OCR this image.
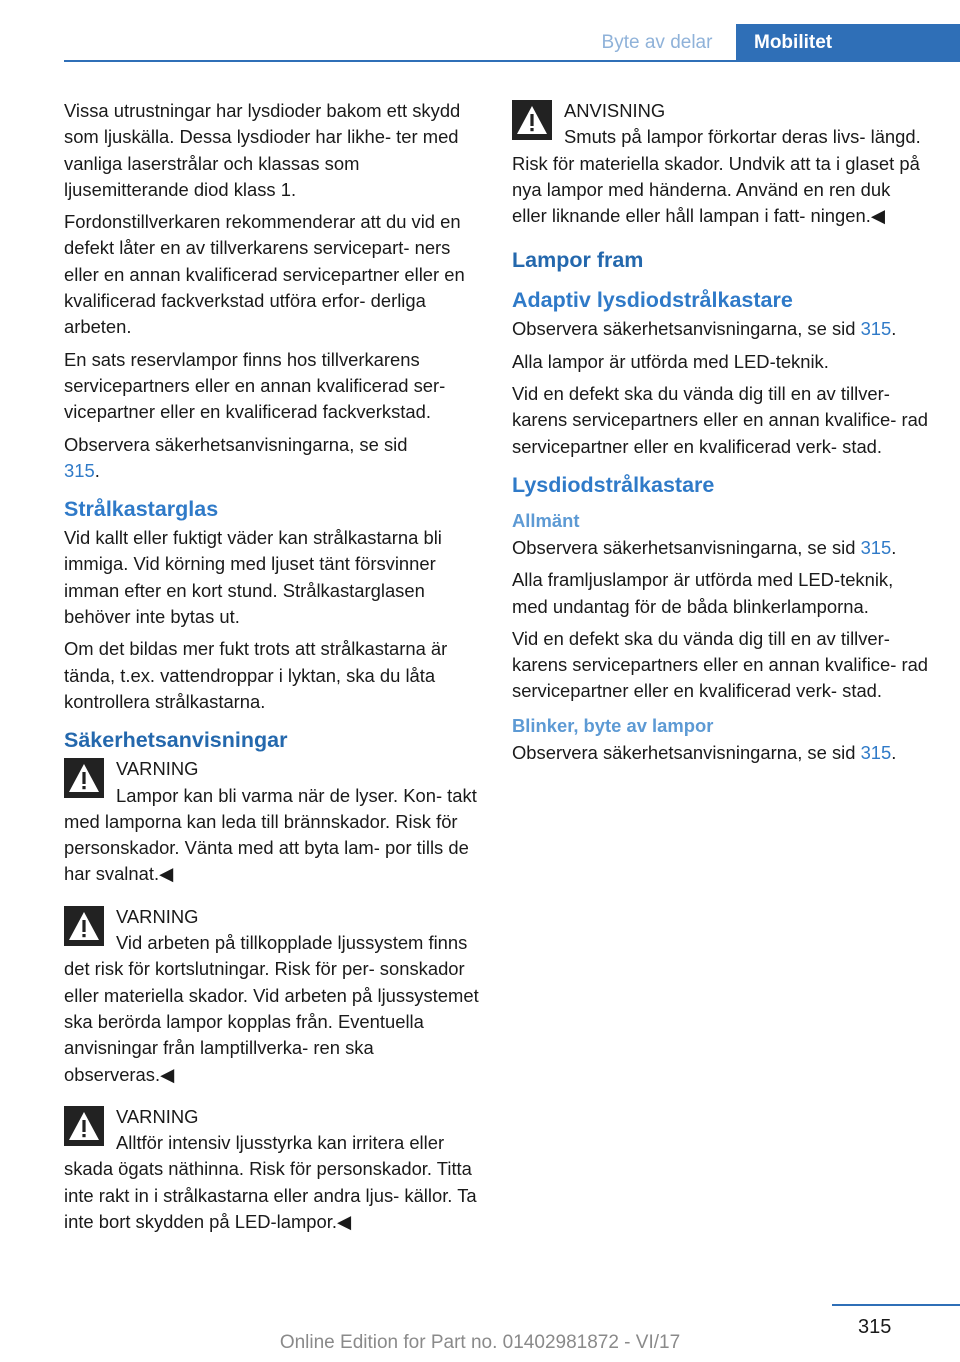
Byte av delar	Mobilitet

Vissa utrustningar har lysdioder bakom ett skydd som ljuskälla. Dessa lysdioder har likhe‐ ter med vanliga laserstrålar och klassas som ljusemitterande diod klass 1.

Fordonstillverkaren rekommenderar att du vid en defekt låter en av tillverkarens servicepart‐ ners eller en annan kvalificerad servicepartner eller en kvalificerad fackverkstad utföra erfor‐ derliga arbeten.

En sats reservlampor finns hos tillverkarens servicepartners eller en annan kvalificerad ser‐ vicepartner eller en kvalificerad fackverkstad.

Observera säkerhetsanvisningarna, se sid
315.

Strålkastarglas

Vid kallt eller fuktigt väder kan strålkastarna bli immiga. Vid körning med ljuset tänt försvinner imman efter en kort stund. Strålkastarglasen behöver inte bytas ut.

Om det bildas mer fukt trots att strålkastarna är tända, t.ex. vattendroppar i lyktan, ska du låta kontrollera strålkastarna.

Säkerhetsanvisningar
VARNING
Lampor kan bli varma när de lyser. Kon‐ takt med lamporna kan leda till brännskador. Risk för personskador. Vänta med att byta lam‐ por tills de har svalnat.◀
VARNING
Vid arbeten på tillkopplade ljussystem finns det risk för kortslutningar. Risk för per‐ sonskador eller materiella skador. Vid arbeten på ljussystemet ska berörda lampor kopplas från. Eventuella anvisningar från lamptillverka‐ ren ska observeras.◀
VARNING
Alltför intensiv ljusstyrka kan irritera eller skada ögats näthinna. Risk för personskador. Titta inte rakt in i strålkastarna eller andra ljus‐ källor. Ta inte bort skydden på LED-lampor.◀
ANVISNING
Smuts på lampor förkortar deras livs‐ längd. Risk för materiella skador. Undvik att ta i glaset på nya lampor med händerna. Använd en ren duk eller liknande eller håll lampan i fatt‐ ningen.◀
Lampor fram
Adaptiv lysdiodstrålkastare

Observera säkerhetsanvisningarna, se sid 315.

Alla lampor är utförda med LED-teknik.

Vid en defekt ska du vända dig till en av tillver‐ karens servicepartners eller en annan kvalifice‐ rad servicepartner eller en kvalificerad verk‐ stad.

Lysdiodstrålkastare
Allmänt

Observera säkerhetsanvisningarna, se sid 315.

Alla framljuslampor är utförda med LED-teknik, med undantag för de båda blinkerlamporna.

Vid en defekt ska du vända dig till en av tillver‐ karens servicepartners eller en annan kvalifice‐ rad servicepartner eller en kvalificerad verk‐ stad.

Blinker, byte av lampor

Observera säkerhetsanvisningarna, se sid 315.

315
Online Edition for Part no. 01402981872 - VI/17
